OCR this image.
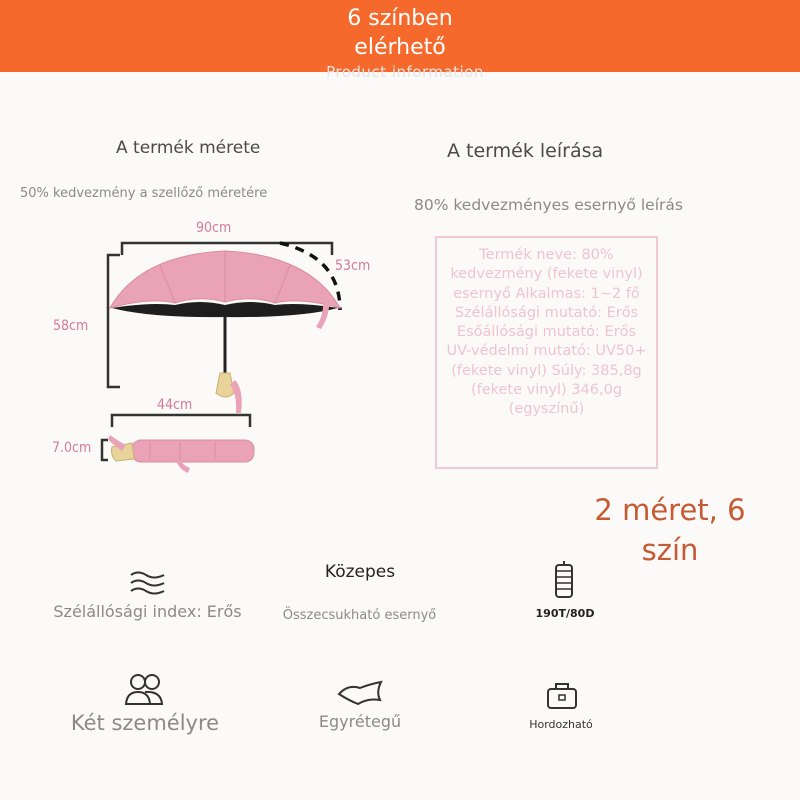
6 színben
elérhető
Product information
A termék mérete
50% kedvezmény a szellőző méretére
90cm
53cm
58cm
44cm
7.0cm
A termék leírása
80% kedvezményes esernyő leírás
Termék neve: 80% kedvezmény (fekete vinyl) esernyő Alkalmas: 1~2 fő Szélállósági mutató: Erős Esőállósági mutató: Erős UV-védelmi mutató: UV50+ (fekete vinyl) Súly: 385,8g (fekete vinyl) 346,0g (egyszínű)
2 méret, 6
szín
Szélállósági index: Erős
Közepes
Összecsukható esernyő	190T/80D
Két személyre	Egyrétegű	Hordozható
